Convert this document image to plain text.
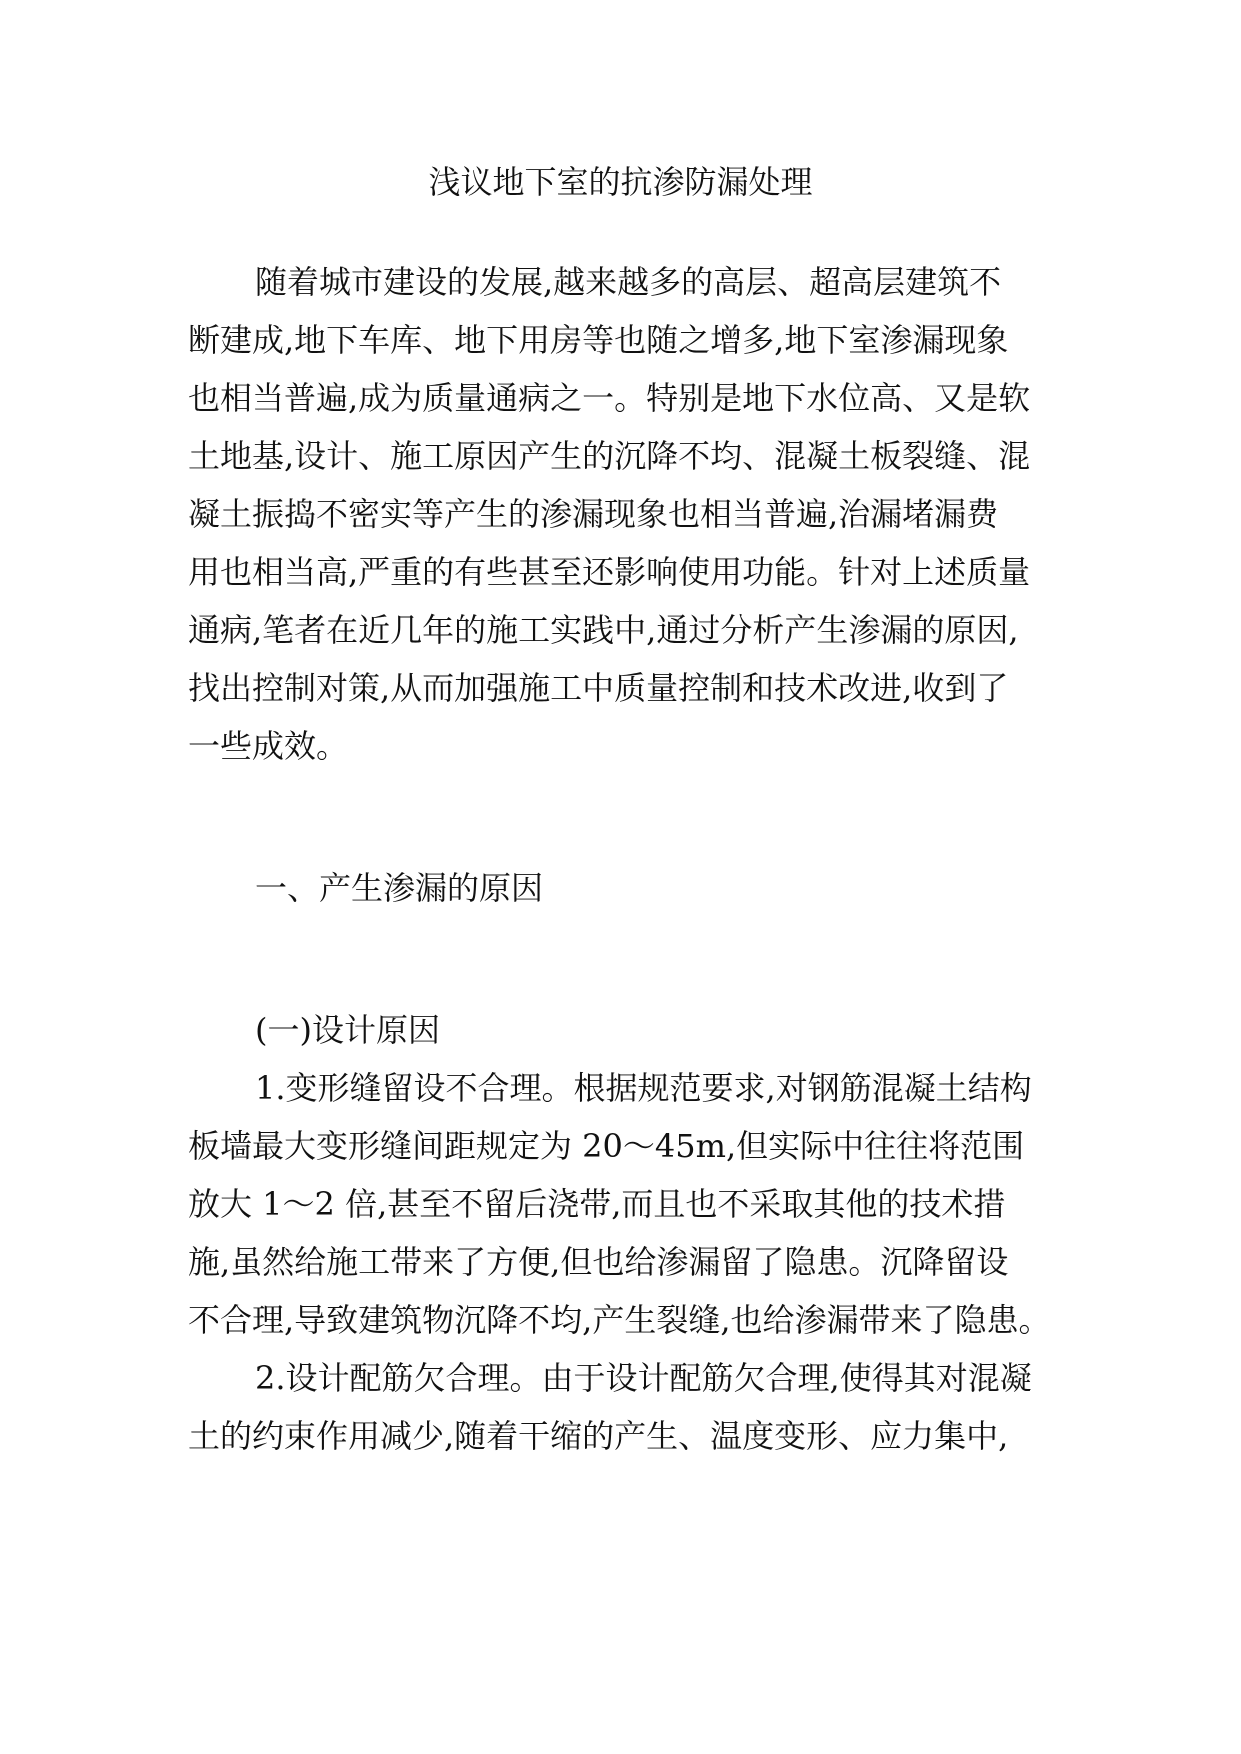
浅议地下室的抗渗防漏处理
随着城市建设的发展,越来越多的高层、超高层建筑不
断建成,地下车库、地下用房等也随之增多,地下室渗漏现象
也相当普遍,成为质量通病之一。特别是地下水位高、又是软
土地基,设计、施工原因产生的沉降不均、混凝土板裂缝、混
凝土振捣不密实等产生的渗漏现象也相当普遍,治漏堵漏费
用也相当高,严重的有些甚至还影响使用功能。针对上述质量
通病,笔者在近几年的施工实践中,通过分析产生渗漏的原因,
找出控制对策,从而加强施工中质量控制和技术改进,收到了
一些成效。
一、产生渗漏的原因
(一)设计原因
1.变形缝留设不合理。根据规范要求,对钢筋混凝土结构
板墙最大变形缝间距规定为 20～45m,但实际中往往将范围
放大 1～2 倍,甚至不留后浇带,而且也不采取其他的技术措
施,虽然给施工带来了方便,但也给渗漏留了隐患。沉降留设
不合理,导致建筑物沉降不均,产生裂缝,也给渗漏带来了隐患。
2.设计配筋欠合理。由于设计配筋欠合理,使得其对混凝
土的约束作用减少,随着干缩的产生、温度变形、应力集中,
